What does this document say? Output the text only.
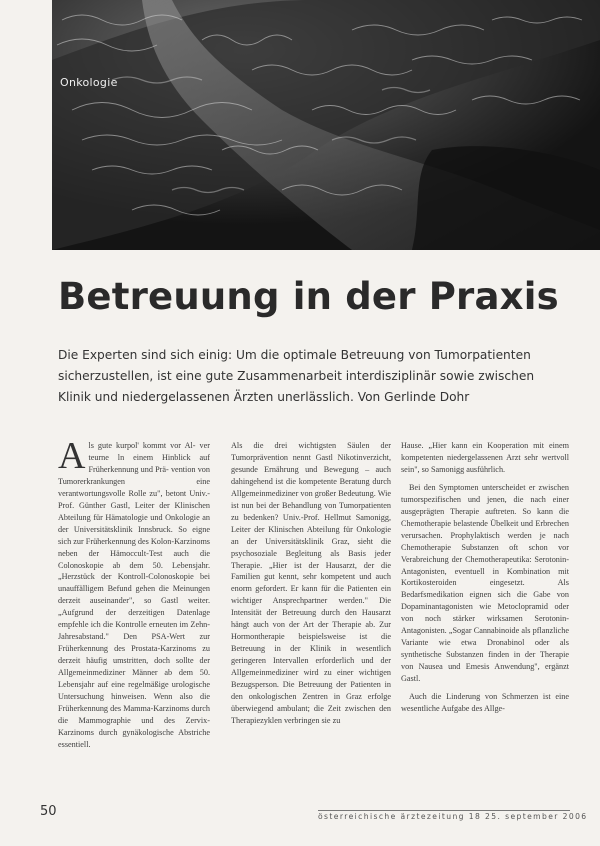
Onkologie
Betreuung in der Praxis

Die Experten sind sich einig: Um die optimale Betreuung von Tumorpatienten sicherzustellen, ist eine gute Zusammenarbeit interdisziplinär sowie zwischen Klinik und niedergelassenen Ärzten unerlässlich. Von Gerlinde Dohr

Als gute kurpol' kommt vor Al- ver teurne ln einem Hinblick auf Früherkennung und Prä- vention von Tumorerkrankungen eine verantwortungsvolle Rolle zu", betont Univ.-Prof. Günther Gastl, Leiter der Klinischen Abteilung für Hämatologie und Onkologie an der Universitätsklinik Innsbruck. So eigne sich zur Früherkennung des Kolon-Karzinoms neben der Hämoccult-Test auch die Colonoskopie ab dem 50. Lebensjahr. „Herzstück der Kontroll-Colonoskopie bei unauffälligem Befund gehen die Meinungen derzeit auseinander", so Gastl weiter. „Aufgrund der derzeitigen Datenlage empfehle ich die Kontrolle erneuten im Zehn-Jahresabstand." Den PSA-Wert zur Früherkennung des Prostata-Karzinoms zu derzeit häufig umstritten, doch sollte der Allgemeinmediziner Männer ab dem 50. Lebensjahr auf eine regelmäßige urologische Untersuchung hinweisen. Wenn also die Früherkennung des Mamma-Karzinoms durch die Mammographie und des Zervix-Karzinoms durch gynäkologische Abstriche essentiell.

Als die drei wichtigsten Säulen der Tumorprävention nennt Gastl Nikotinverzicht, gesunde Ernährung und Bewegung – auch dahingehend ist die kompetente Beratung durch Allgemeinmediziner von großer Bedeutung. Wie ist nun bei der Behandlung von Tumorpatienten zu bedenken? Univ.-Prof. Hellmut Samonigg, Leiter der Klinischen Abteilung für Onkologie an der Universitätsklinik Graz, sieht die psychosoziale Begleitung als Basis jeder Therapie. „Hier ist der Hausarzt, der die Familien gut kennt, sehr kompetent und auch enorm gefordert. Er kann für die Patienten ein wichtiger Ansprechpartner werden." Die Intensität der Betreuung durch den Hausarzt hängt auch von der Art der Therapie ab. Zur Hormontherapie beispielsweise ist die Betreuung in der Klinik in wesentlich geringeren Intervallen erforderlich und der Allgemeinmediziner wird zu einer wichtigen Bezugsperson. Die Betreuung der Patienten in den onkologischen Zentren in Graz erfolge überwiegend ambulant; die Zeit zwischen den Therapiezyklen verbringen sie zu

Hause. „Hier kann ein Kooperation mit einem kompetenten niedergelassenen Arzt sehr wertvoll sein", so Samonigg ausführlich.

Bei den Symptomen unterscheidet er zwischen tumorspezifischen und jenen, die nach einer ausgeprägten Therapie auftreten. So kann die Chemotherapie belastende Übelkeit und Erbrechen verursachen. Prophylaktisch werden je nach Chemotherapie Substanzen oft schon vor Verabreichung der Chemotherapeutika: Serotonin-Antagonisten, eventuell in Kombination mit Kortikosteroiden eingesetzt. Als Bedarfsmedikation eignen sich die Gabe von Dopaminantagonisten wie Metoclopramid oder von noch stärker wirksamen Serotonin-Antagonisten. „Sogar Cannabinoide als pflanzliche Variante wie etwa Dronabinol oder als synthetische Substanzen finden in der Therapie von Nausea und Emesis Anwendung", ergänzt Gastl.

Auch die Linderung von Schmerzen ist eine wesentliche Aufgabe des Allge-

50	österreichische ärztezeitung 18 25. september 2006
